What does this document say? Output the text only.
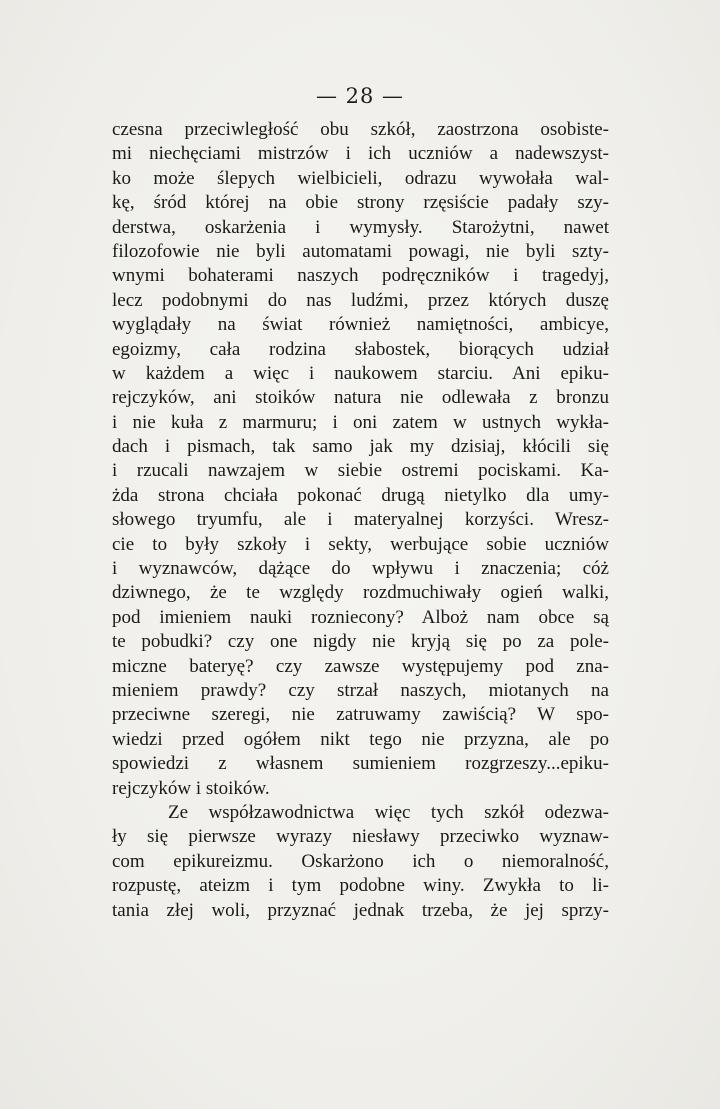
— 28 —
czesna przeciwległość obu szkół, zaostrzona osobiste-
mi niechęciami mistrzów i ich uczniów a nadewszyst-
ko może ślepych wielbicieli, odrazu wywołała wal-
kę, śród której na obie strony rzęsiście padały szy-
derstwa, oskarżenia i wymysły. Starożytni, nawet
filozofowie nie byli automatami powagi, nie byli szty-
wnymi bohaterami naszych podręczników i tragedyj,
lecz podobnymi do nas ludźmi, przez których duszę
wyglądały na świat również namiętności, ambicye,
egoizmy, cała rodzina słabostek, biorących udział
w każdem a więc i naukowem starciu. Ani epiku-
rejczyków, ani stoików natura nie odlewała z bronzu
i nie kuła z marmuru; i oni zatem w ustnych wykła-
dach i pismach, tak samo jak my dzisiaj, kłócili się
i rzucali nawzajem w siebie ostremi pociskami. Ka-
żda strona chciała pokonać drugą nietylko dla umy-
słowego tryumfu, ale i materyalnej korzyści. Wresz-
cie to były szkoły i sekty, werbujące sobie uczniów
i wyznawców, dążące do wpływu i znaczenia; cóż
dziwnego, że te względy rozdmuchiwały ogień walki,
pod imieniem nauki rozniecony? Alboż nam obce są
te pobudki? czy one nigdy nie kryją się po za pole-
miczne bateryę? czy zawsze występujemy pod zna-
mieniem prawdy? czy strzał naszych, miotanych na
przeciwne szeregi, nie zatruwamy zawiścią? W spo-
wiedzi przed ogółem nikt tego nie przyzna, ale po
spowiedzi z własnem sumieniem rozgrzeszy...epiku-
rejczyków i stoików.
Ze współzawodnictwa więc tych szkół odezwa-
ły się pierwsze wyrazy niesławy przeciwko wyznaw-
com epikureizmu. Oskarżono ich o niemoralność,
rozpustę, ateizm i tym podobne winy. Zwykła to li-
tania złej woli, przyznać jednak trzeba, że jej sprzy-
